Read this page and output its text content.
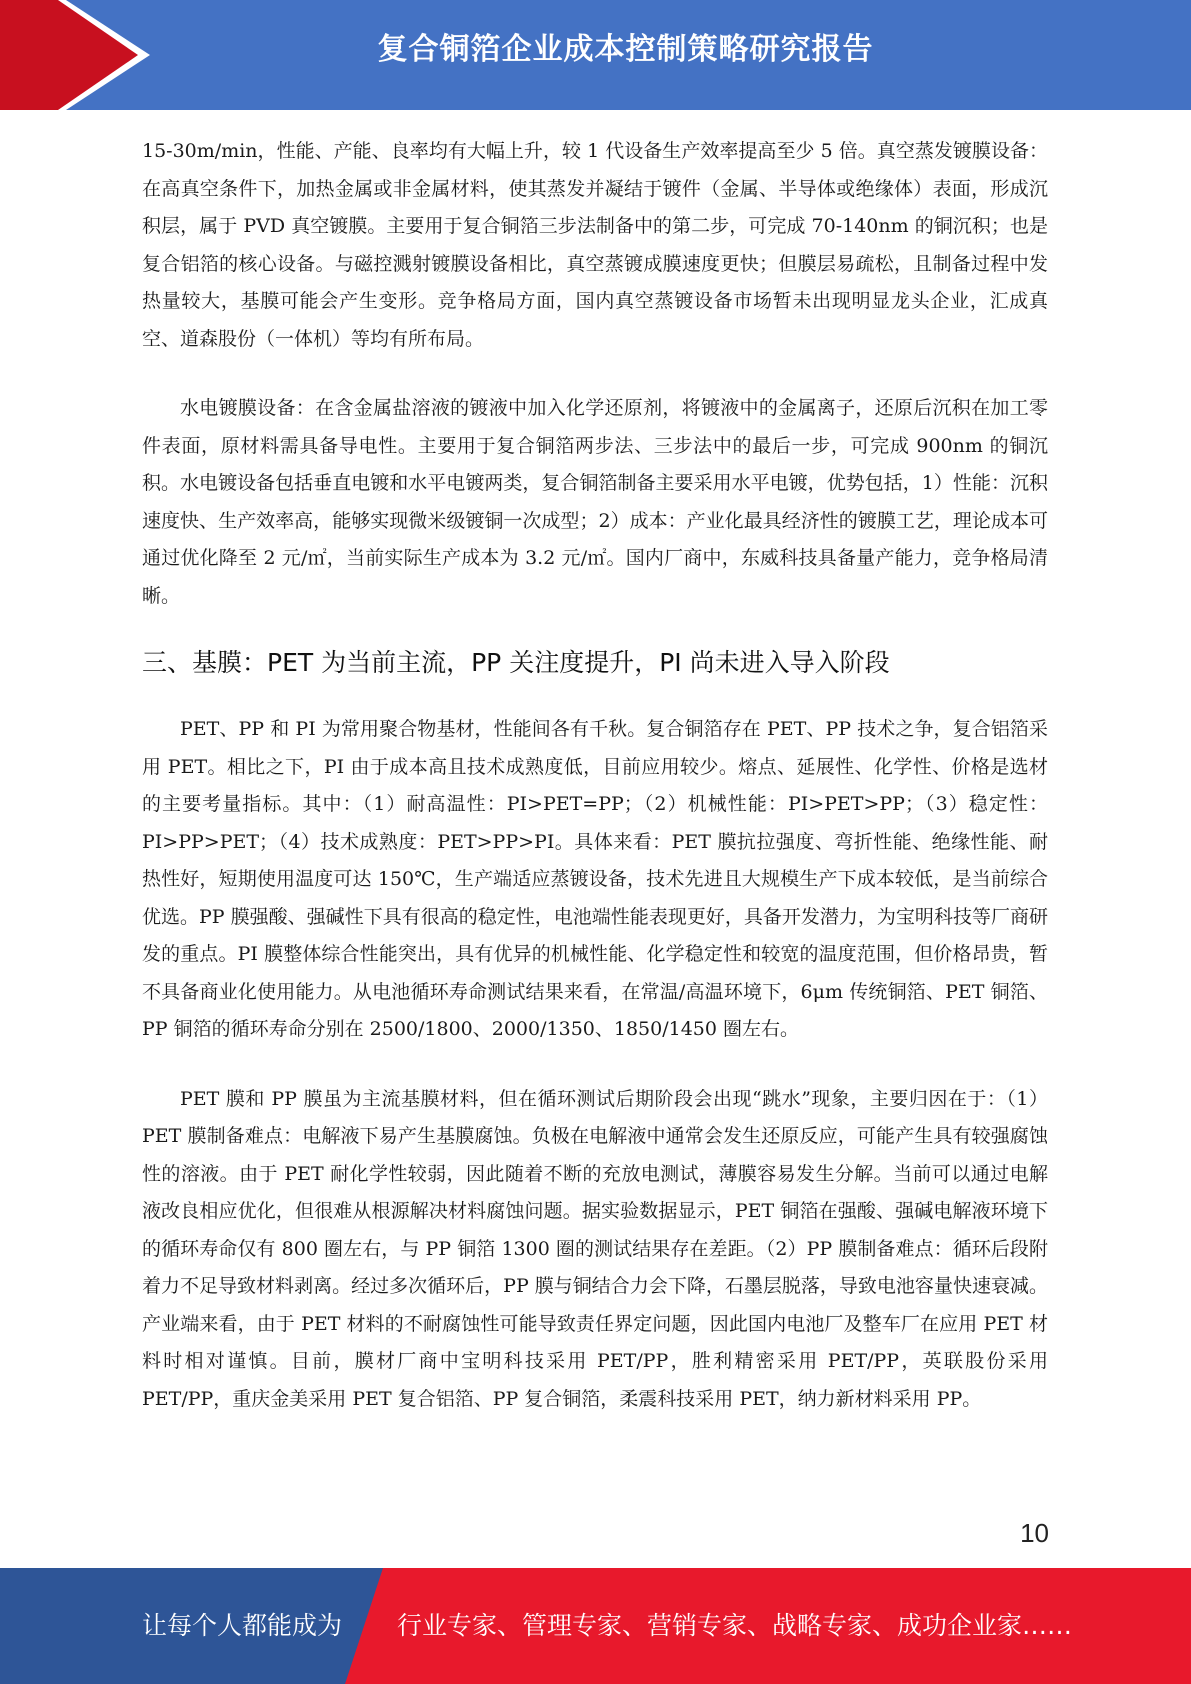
复合铜箔企业成本控制策略研究报告

15-30m/min，性能、产能、良率均有大幅上升，较 1 代设备生产效率提高至少 5 倍。真空蒸发镀膜设备：在高真空条件下，加热金属或非金属材料，使其蒸发并凝结于镀件（金属、半导体或绝缘体）表面，形成沉积层，属于 PVD 真空镀膜。主要用于复合铜箔三步法制备中的第二步，可完成 70-140nm 的铜沉积；也是复合铝箔的核心设备。与磁控溅射镀膜设备相比，真空蒸镀成膜速度更快；但膜层易疏松，且制备过程中发热量较大，基膜可能会产生变形。竞争格局方面，国内真空蒸镀设备市场暂未出现明显龙头企业，汇成真空、道森股份（一体机）等均有所布局。

水电镀膜设备：在含金属盐溶液的镀液中加入化学还原剂，将镀液中的金属离子，还原后沉积在加工零件表面，原材料需具备导电性。主要用于复合铜箔两步法、三步法中的最后一步，可完成 900nm 的铜沉积。水电镀设备包括垂直电镀和水平电镀两类，复合铜箔制备主要采用水平电镀，优势包括，1）性能：沉积速度快、生产效率高，能够实现微米级镀铜一次成型；2）成本：产业化最具经济性的镀膜工艺，理论成本可通过优化降至 2 元/㎡，当前实际生产成本为 3.2 元/㎡。国内厂商中，东威科技具备量产能力，竞争格局清晰。

三、基膜：PET 为当前主流，PP 关注度提升，PI 尚未进入导入阶段

PET、PP 和 PI 为常用聚合物基材，性能间各有千秋。复合铜箔存在 PET、PP 技术之争，复合铝箔采用 PET。相比之下，PI 由于成本高且技术成熟度低，目前应用较少。熔点、延展性、化学性、价格是选材的主要考量指标。其中：（1）耐高温性：PI>PET=PP；（2）机械性能：PI>PET>PP；（3）稳定性：PI>PP>PET；（4）技术成熟度：PET>PP>PI。具体来看：PET 膜抗拉强度、弯折性能、绝缘性能、耐热性好，短期使用温度可达 150℃，生产端适应蒸镀设备，技术先进且大规模生产下成本较低，是当前综合优选。PP 膜强酸、强碱性下具有很高的稳定性，电池端性能表现更好，具备开发潜力，为宝明科技等厂商研发的重点。PI 膜整体综合性能突出，具有优异的机械性能、化学稳定性和较宽的温度范围，但价格昂贵，暂不具备商业化使用能力。从电池循环寿命测试结果来看，在常温/高温环境下，6μm 传统铜箔、PET 铜箔、PP 铜箔的循环寿命分别在 2500/1800、2000/1350、1850/1450 圈左右。

PET 膜和 PP 膜虽为主流基膜材料，但在循环测试后期阶段会出现“跳水”现象，主要归因在于：（1）PET 膜制备难点：电解液下易产生基膜腐蚀。负极在电解液中通常会发生还原反应，可能产生具有较强腐蚀性的溶液。由于 PET 耐化学性较弱，因此随着不断的充放电测试，薄膜容易发生分解。当前可以通过电解液改良相应优化，但很难从根源解决材料腐蚀问题。据实验数据显示，PET 铜箔在强酸、强碱电解液环境下的循环寿命仅有 800 圈左右，与 PP 铜箔 1300 圈的测试结果存在差距。（2）PP 膜制备难点：循环后段附着力不足导致材料剥离。经过多次循环后，PP 膜与铜结合力会下降，石墨层脱落，导致电池容量快速衰减。产业端来看，由于 PET 材料的不耐腐蚀性可能导致责任界定问题，因此国内电池厂及整车厂在应用 PET 材料时相对谨慎。目前，膜材厂商中宝明科技采用 PET/PP，胜利精密采用 PET/PP，英联股份采用 PET/PP，重庆金美采用 PET 复合铝箔、PP 复合铜箔，柔震科技采用 PET，纳力新材料采用 PP。

10
让每个人都能成为 行业专家、管理专家、营销专家、战略专家、成功企业家……
